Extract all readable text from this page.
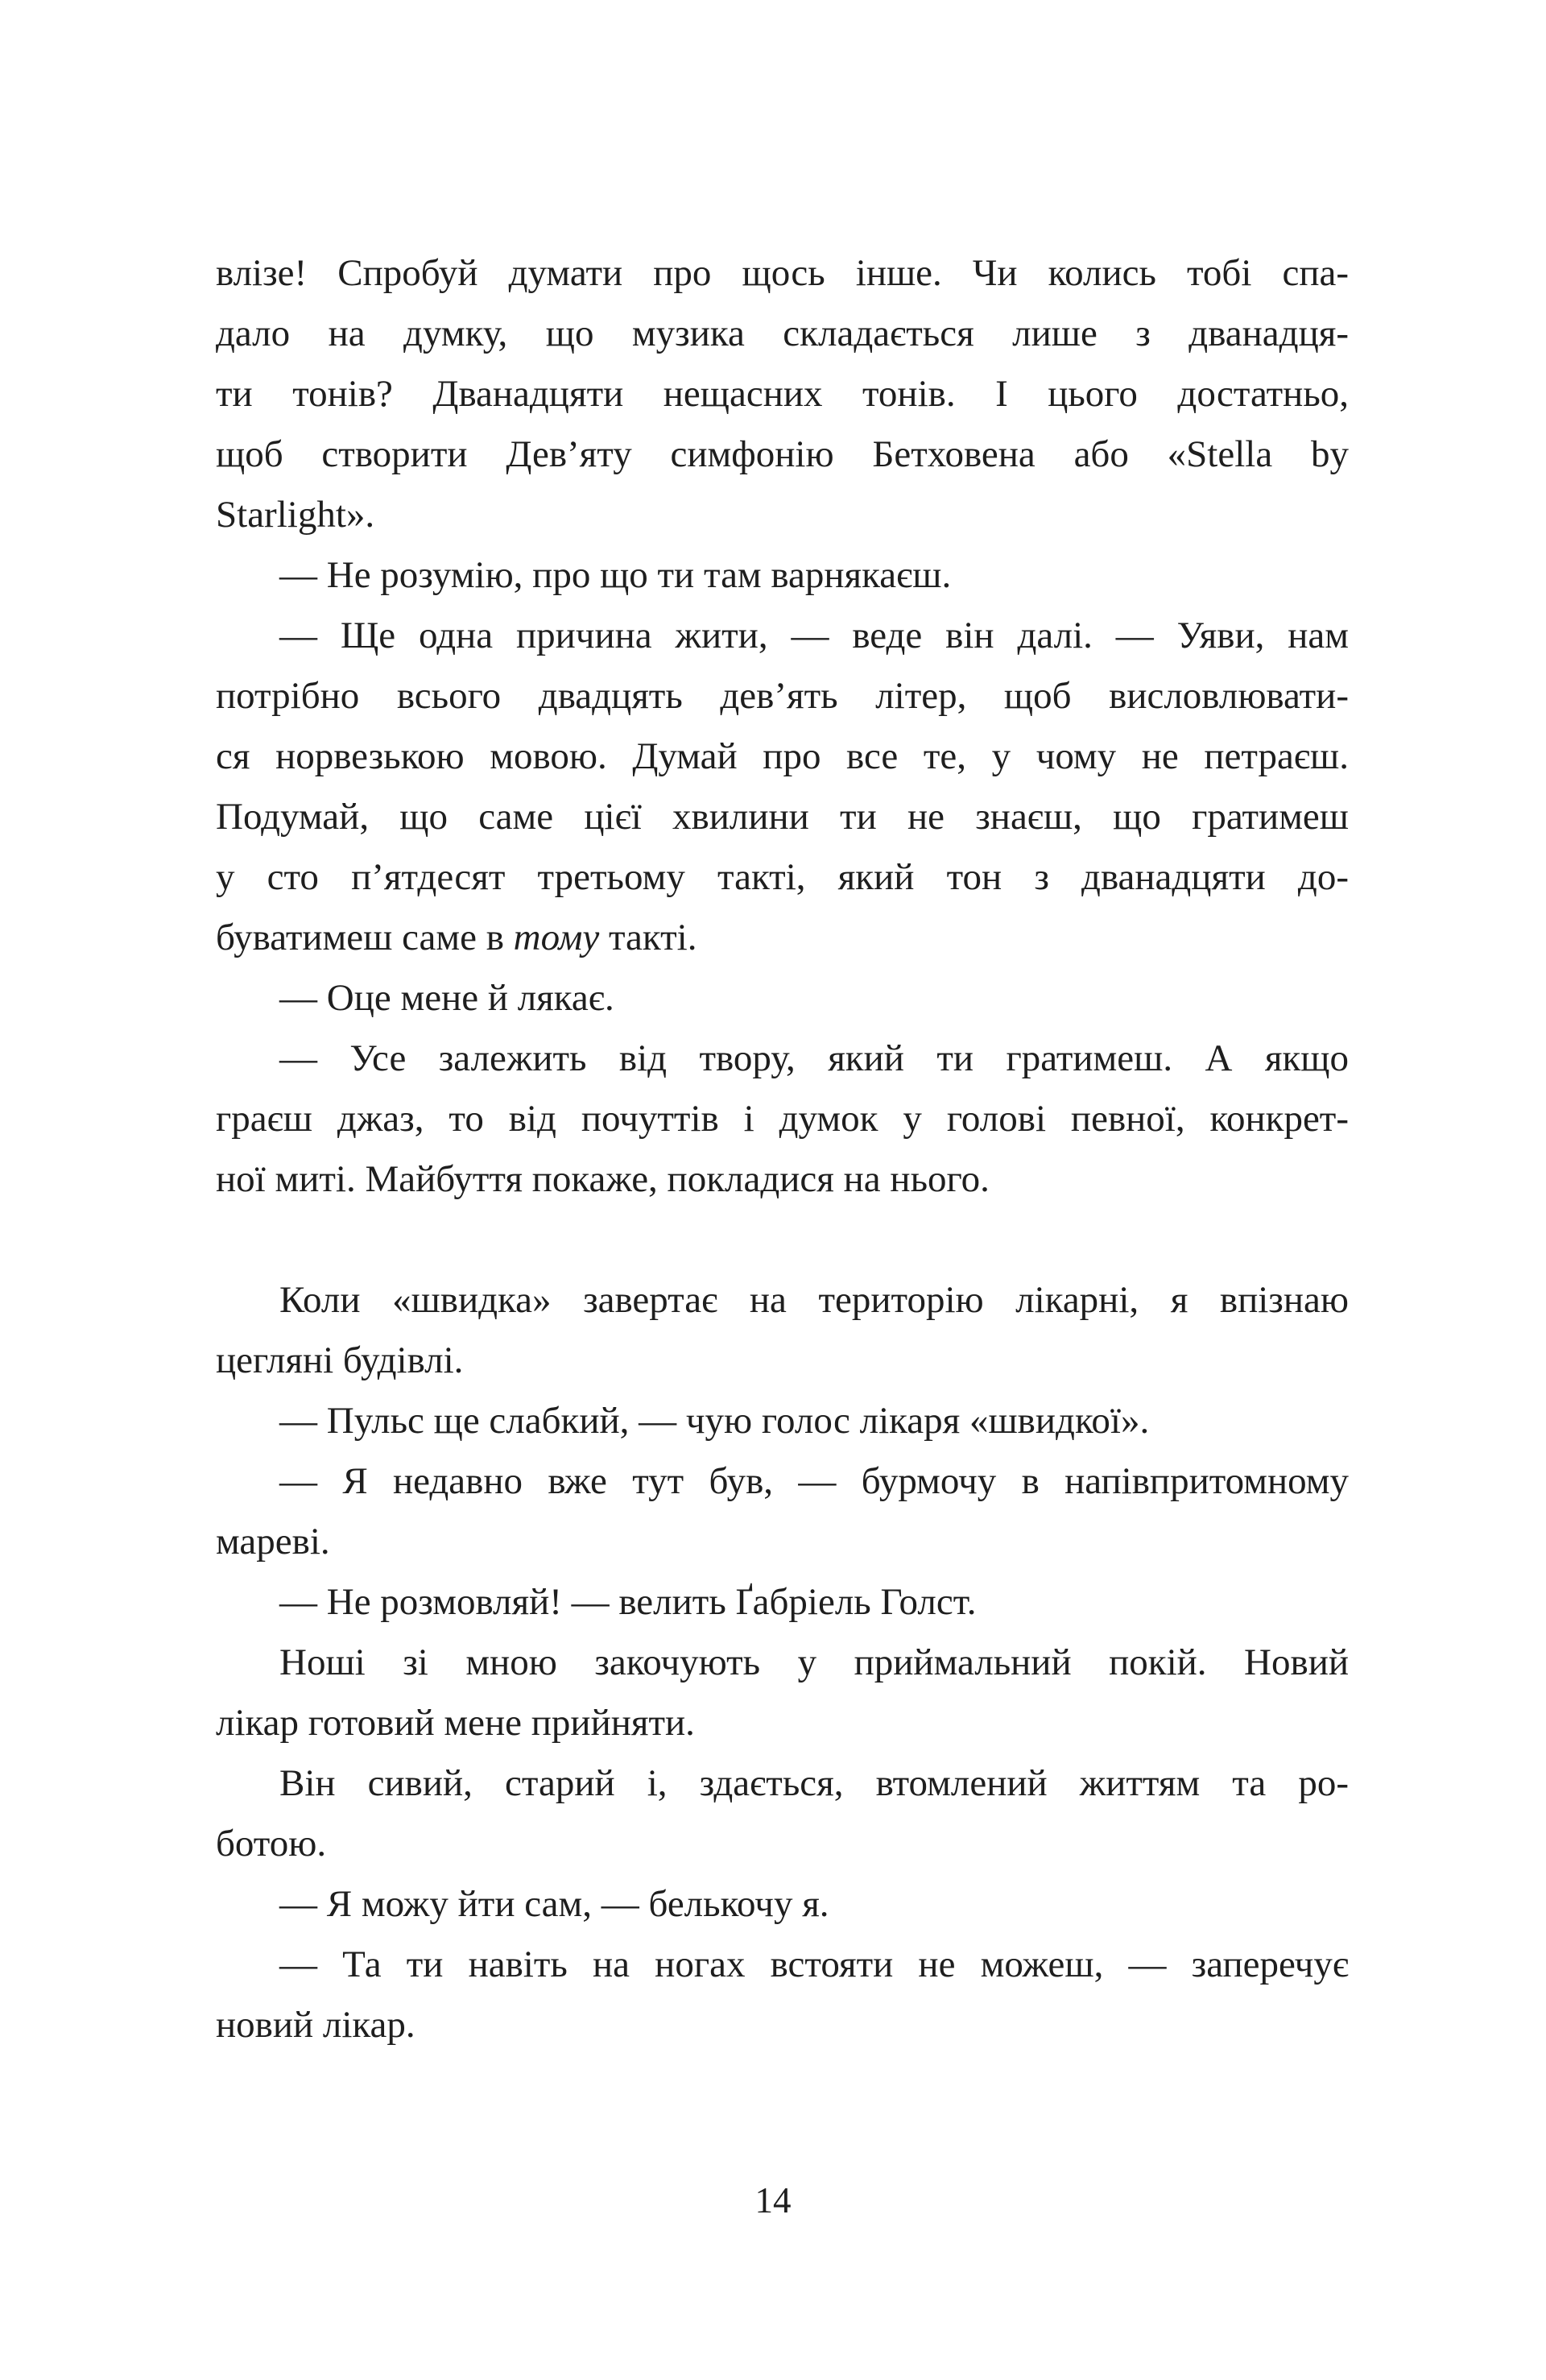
влізе! Спробуй думати про щось інше. Чи колись тобі спа-
дало на думку, що музика складається лише з дванадця-
ти тонів? Дванадцяти нещасних тонів. І цього достатньо,
щоб створити Дев’яту симфонію Бетховена або «Stella by
Starlight».
— Не розумію, про що ти там варнякаєш.
— Ще одна причина жити, — веде він далі. — Уяви, нам
потрібно всього двадцять дев’ять літер, щоб висловлювати-
ся норвезькою мовою. Думай про все те, у чому не петраєш.
Подумай, що саме цієї хвилини ти не знаєш, що гратимеш
у сто п’ятдесят третьому такті, який тон з дванадцяти до-
буватимеш саме в тому такті.
— Оце мене й лякає.
— Усе залежить від твору, який ти гратимеш. А якщо
граєш джаз, то від почуттів і думок у голові певної, конкрет-
ної миті. Майбуття покаже, покладися на нього.
Коли «швидка» завертає на територію лікарні, я впізнаю
цегляні будівлі.
— Пульс ще слабкий, — чую голос лікаря «швидкої».
— Я недавно вже тут був, — бурмочу в напівпритомному
мареві.
— Не розмовляй! — велить Ґабріель Голст.
Ноші зі мною закочують у приймальний покій. Новий
лікар готовий мене прийняти.
Він сивий, старий і, здається, втомлений життям та ро-
ботою.
— Я можу йти сам, — белькочу я.
— Та ти навіть на ногах встояти не можеш, — заперечує
новий лікар.
14
